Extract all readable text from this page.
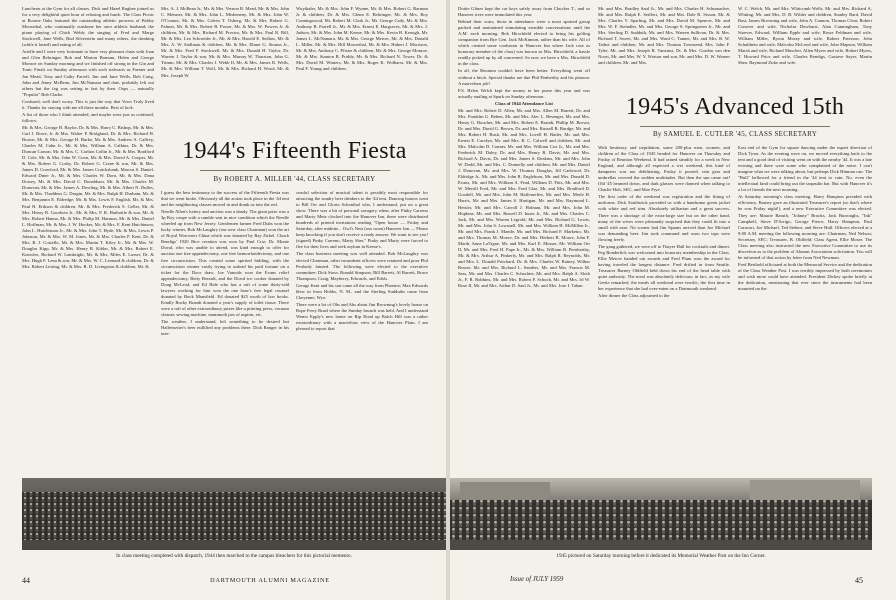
Luncheon at the Gym for all classes. Dick and Hazel Rugbee joined us for a very delightful quiet hour of relaxing and lunch. The Class Picnic at Boonie Oaks featured the outstanding athletic prowess of Bobby Moosethal, who continually outshone her once athletic husband; the piano playing of Chick Webb; the singing of Fred and Marge Stockwell, Jane Wells, Bud Silverstein and many others, the drinking (while it lasted) and eating of all.

Arielle and I were very fortunate to have very pleasant chats with Joan and Glen Behringer, Bob and Marion Barnum, Helen and George Monroe on Sunday morning and we finished off strong in the Gin and Tonic Finals on Sunday afternoon with such stalwarts as Farmer and Jan Mead, Tony and Cathy Farrell, Jim and June Wells, Bob Craig, John and Jenny McBean, Jim McNamara and date, probably left out others but the fog was setting in fast by then. Oops — naturally "Popular" Bob Clarke.

Confused, well don't worry. This is just the way that Vows Truly lived it. Thanks for staying with me all these months. Best of luck.

A list of those who I think attended, and maybe were just as confused, follows:

Mr. & Mrs. George H. Baylor, Dr. & Mrs. Harry C. Bishop, Mr. & Mrs. Carl J. Borre, Jr. & Mrs. Walter P. Bridgland, Dr. & Mrs. Richard H. Brown, Mr. & Mrs. George H. Burke, Mr. & Mrs. Andrew A. Caffrey, Charles M. Cahn Jr., Mr. & Mrs. William A. Calkins, Dr. & Mrs. Duncan Carson, Mr. & Mrs. C. Carlton Collin Jr., Mr. & Mrs. Bradford D. Cole, Mr. & Mrs. John W. Coon, Mr. & Mrs. David A. Cooper, Mr. & Mrs. Robert G. Cosby, Dr. Robert G. Crane & son, Mr. & Mrs. James D. Crawford, Mr. & Mrs. James Cruickshank, Marcus S. Daniel, Edward Diner Jr., Mr. & Mrs. Charles W. Dorn, Mr. & Mrs. Dana Dorsey, Mr. & Mrs. David C. Donaldson, Mr. & Mrs. Charles M. Donovan, Mr. & Mrs. James A. Dowling, Mr. & Mrs. Albert N. Dulles, Mr. & Mrs. Thaddeus G. Durgin, Mr. & Mrs. Ralph H. Durham, Mr. & Mrs. Benjamin E. Eldredge, Mr. & Mrs. Lewis F. English, Mr. & Mrs. Paul H. Erikson & children, Mr. & Mrs. Frederick S. Geller, Mr. & Mrs. Henry R. Goodwin Jr., Mr. & Mrs. P. R. Harbottle & son, Mr. & Mrs. Robert Hanna, Mr. & Mrs. Philip M. Harmon, Mr. & Mrs. Daniel L. Hoffman, Mr. & Mrs. J. W. Hooker, Mr. & Mrs. F. Kent Hutchinson, John L. Hutchinson Jr., Mr. & Mrs. John T. Hyde, Mr. & Mrs. Lewis P. Johnson, Mr. & Mrs. W. M. Jones, Mr. & Mrs. Charles P. Kent, Dr. & Mrs. R. J. Costello, Mr. & Mrs. Martin T. Kiley Jr., Mr. & Mrs. W. Douglas Kipp, Mr. & Mrs. Henry R. Kibler, Mr. & Mrs. Robert E. Knowles, Richard W. Lambright, Mr. & Mrs. Miles E. Lasser, Dr. & Mrs. Hugh F. Lena & son, Mr. & Mrs. W. C. Leonard & children, Dr. & Mrs. Robert Lesting, Mr. & Mrs. R. D. Livingston & children, Mr. &

Mrs. A. J. McBean Jr., Mr. & Mrs. Vernon R. Mead, Mr. & Mrs. John C. Meisner, Mr. & Mrs. John L. Misbeneny, Mr. & Mrs. John W. O'Connor, Mr. & Mrs. Calvin T. Osberg, Mr. & Mrs. Robert G. Palmer, Mr. & Mrs. Robert B. Power, Mr. & Mrs. W. Powers Jr. & children, Mr. & Mrs. Richard M. Proctor, Mr. & Mrs. Paul R. Rill, Mr. & Mrs. Leo Schroeder Jr., Mr. & Mrs. Harold E. Sedlaw, Mr. & Mrs. A. W. Stallman & children, Mr. & Mrs. Elmer G. Strauss Jr., Mr. & Mrs. Fred F. Stockwell, Mr. & Mrs. Donald H. Taylor, Dr. Warren J. Taylor & son, Mr. & Mrs. Murray W. Thurston, John G. Trimm, Mr. & Mrs. Charles J. Webb II, Mr. & Mrs. James R. Wells, Mr. & Mrs. William T. Wolf, Mr. & Mrs. Richard H. Wood, Mr. & Mrs. Joseph W.

Wuythaler, Mr. & Mrs. John F. Wynne, Mr. & Mrs. Robert G. Barnum Jr. & children, Dr. & Mrs. Glenn E. Behringer, Mr. & Mrs. Roy Conningwood, Mr. Robert M. Clark Jr., Mr. George Cady, Mr. & Mrs. Anthony B. Farrell Jr., Mr. & Mrs. Ernest E. Hargraves, Mr. & Mrs. J. Judson, Mr. & Mrs. John M. Keene, Mr. & Mrs. Kevin B. Keough, Mr. James L. McNamara, Mr. & Mrs. George Mercer, Mr. & Mrs. Donald L. Miller, Mr. & Mrs. Hill Moosethal, Mr. & Mrs. Hubert J. Morrison, Mr. & Mrs. Anthony C. Pfister & children, Mr. & Mrs. George Monroe, Mr. & Mrs. Stanton B. Priddy, Mr. & Mrs. Richard N. Tower, Dr. & Mrs. David M. Winters, Mr. & Mrs. Roger K. Wolbarst, Mr. & Mrs. Paul F. Young and children.

1944's Fifteenth Fiesta
By ROBERT A. MILLER '44, CLASS SECRETARY

I guess the best testimony to the success of the Fifteenth Fiesta was that we went broke. Obviously all the action took place in the '44 tent and the neighboring classes moved in and drank us into the red.

Needle Allen's lottery and auction was a dandy. The giant prize was a 3p Roy coupe with a rumble seat in nice condition which the Needle wheeled up from New Jersey. Gentlemen farmer Fred Dubs won the lucky winner, Bob McLaughry (our new class Chairman) won the art of Royal Worcester China which was donated by Ray Zirkel. Chuck Rendigs' 1920 Bice creation was won by Paul Criz; Dr. Monte Duval, who was unable to attend, was kind enough to offer for auction one free appendectomy, one free hemorrhoidectomy, and one free circumcision. This created some spirited bidding, with the circumcision winner vastly trying to unload his paid fortune on a ticket for the Door draw. Joe Vanoids won the Evans relief appendectomy, Betty Berardi, and the Dowd ice cooker donated by Doug McLeod, and Ed Hale who has a raft of some thirty-odd lawyers working for him won the one hour's free legal counsel donated by Buck Mansfield. Ed donated $25 worth of law books. Kindly Bucky Brandt donated a year's supply of toilet tissue. There were a raft of other extraordinary prizes like a printing press, vacuum cleaner, sewing machine, mammoth jars of aspirin, etc.

The weather, I understand, left something to be desired but Halfensetter's beer nullified any problems there. Dick Ranger in his ines-

ceaslul selection of musical talent is possibly most responsible for attracting the sundry beer drinkers to the '44 tent. Dancing honors went to Bill Orr and Gloria Schonthal who, I understand, put on a great show. There was a bit of personal savagery when, after Pinky Carreno and Marty Metz clocked into the Hanover Inn, there were distributed hundreds of printed invitations reading "Open house — Friday and Saturday, after midnite... Owl's Nest (our room) Hanover Inn — Please keep knocking if you don't receive a ready answer. We want to see you! (signed) Pinky Carreno, Marty Sher." Pinky and Marty were forced to flee for their lives and seek asylum in Keene's.

The class business meeting was well attended. Bob McLaughry was elected Chairman, other incumbent officers were retained and poor Phil Peabody fainted. The following were elected to the executive committee: Dick Stoss, Ronald Simpson, Bill Barrett, Al Barrett, Bruce Thompson, Craig, Mayberry, Edwards, and Edols.

George Kent and his son came all the way from Phoenix; Max Edwards blew in from Hobbs, N. M., and the Sterling Sudduths came from Cheyenne, Wyo.

There were a lot of Ohs and Ahs about Jim Browning's lovely house on Rope Ferry Road where the Sunday brunch was held. And I understand Wemo Epply's new home on Rip Road up Balch Hill was a rather extraordinary with a marvelous view of the Hanover Plain. I am pleased to report that

In class meeting completed with dispatch, 1944 then marched to the campus bleachers for this pictorial memento.
44	DARTMOUTH ALUMNI MAGAZINE

Dottie Glines kept the car keys safely away from Chucker T., and so Hanover trees were immolated this year.

Behind their scars, those in attendance were a most spirited group packed and maintained stimulating sensible conversations until the A.M. each morning. Bob Hirschfeld elected to bring his golfing companion from Rye Gen. Jack McKinnon, rather than his wife. All of which created some confusion in Hanover Inn where Jack rose as honorary member of the class) was known as Mrs. Hirschfeld, a hassle readily picked up by all concerned. So now we have a Mrs. Hirschfeld in the class.

In all, the Reunion couldn't have been better. Everything went off without a hitch. Special thanks are due Phil Penberthy and his platoon. A marvelous job!

P.S. Helen Welch kept the money in her purse this year and was actually smiling at Spurk on Sunday afternoon.

Class of 1944 Attendance List

Mr. and Mrs. Robert D. Allen, Mr. and Mrs. Allen M. Barrett, Dr. and Mrs. Franklin G. Beben, Mr. and Mrs. Alec L. Besenger, Mr. and Mrs. Henry G. Boucher, Mr. and Mrs. Robert E. Brandt, Phillip M. Brown, Dr. and Mrs. David G. Brown, Dr. and Mrs. Russell B. Burdge, Mr. and Mrs. Robert H. Bush, Mr. and Mrs. Lovell H. Butler, Mr. and Mrs. Ernest E. Carolyn, Mr. and Mrs. R. C. Calwell and children, Mr. and Mrs. Malcolm D. Conner, Mr. and Mrs. William Cox Jr., Mr. and Mrs. Frederick M. Daley, Dr. and Mrs. Henry R. Davis, Mr. and Mrs. Richard A. Davis, Dr. and Mrs. James S. Deakins, Mr. and Mrs. John W. Dodd, Mr. and Mrs. C. Donnelly and children, Mr. and Mrs. Daniel J. Donovan, Mr. and Mrs. W. Thomas Douglas, Jill Cadwood, Dr. Eldridge Jr., Mr. and Mrs. John R. Englehorn, Mr. and Mrs. Donald D. Evans, Mr. and Mrs. William A. Fead, William D. Fitts, Mr. and Mrs. W. Merrill Ford, Mr. and Mrs. Fred Glaz, Mr. and Mrs. Bradford D. Goodell, Mr. and Mrs. John M. Haffenreffer, Mr. and Mrs. Merle H. Harris, Mr. and Mrs. James S. Hartigan, Mr. and Mrs. Raymond L. Heisler, Mr. and Mrs. Carroll J. Holman, Mr. and Mrs. John M. Hopkins, Mr. and Mrs. Russell D. Innes Jr., Mr. and Mrs. Charles C. Jack, Mr. and Mrs. Warren Legrold, Mr. and Mrs. Richard G. Lewis, Mr. and Mrs. John S. Lowsnell, Mr. and Mrs. William H. McMillen Jr., Mr. and Mrs. Frank J. Mantle, Mr. and Mrs. Richard F. Marketto, Mr. and Mrs. Thomas M. Moore, Dr. and Mrs. Herbert R. Moore, John F. Marth, Anne LaVigne, Mr. and Mrs. Karl E. Musser, Mr. William Orr II, Mr. and Mrs. Fred H. Pape Jr., Mr. & Mrs. William B. Pensberthy, Mr. & Mrs. Arthur A. Pinkerly, Mr. and Mrs. Ralph R. Reynolds, Mr. and Mrs. L. Donald Pritchard, Dr. & Mrs. Charles W. Rainey, Wilbur Rosser, Mr. and Mrs. Richard L. Sanders, Mr. and Mrs. Francis M. Sass, Mr. and Mrs. Charles C. Schachter, Mr. and Mrs. Ralph A. Sloth Jr., F. R. Robbins, Mr. and Mrs. Robert F. Schuch, Mr. and Mrs. Irl W. Rose II, Mr. and Mrs. Arthur D. Saul Jr., Mr. and Mrs. Jose I. Tahan

Mr. and Mrs. Bradley Saul Jr., Mr. and Mrs. Charles H. Schumacher, Mr. and Mrs. Ralph E. Seiffert, Mr. and Mrs. Dale R. Sisson, Mr. & Mrs. Charles V. Sparling, Mr. and Mrs. David M. Spencer, Mr. and Mrs. W. F. Steindler, Mr. and Mrs. George S. Springsteen Jr., Mr. and Mrs. Sterling D. Sudduth, Mr. and Mrs. Warren Sullivan, Dr. & Mrs. Richard T. Sweet, Mr. and Mrs. Ward C. Tanner, Mr. and Mrs. R. W. Taibot and children, Mr. and Mrs. Thomas Townsend, Mrs. John F. Tyler, Mr. and Mrs. Joseph B. Vanzinsi, Dr. & Mrs. Gordon van den Noort, Mr. and Mrs. W. Y. Watson and son, Mr. and Mrs. D. W. Warner and children, Mr. and Mrs.

W. C. Welch, Mr. and Mrs. Whitcomb Wells, Mr. and Mrs. Richard A. Whiting, Mr. and Mrs. D. B. Wilder and children, Stanley Bard, David Bast, James Browning and wife, John A. Cannon, Thomas Clear, Robert Conover and wife, Nicholas Dewhurst, Alan Cunningham, Tony Stoever, Edward, William Epple and wife, Rowe Feldman and wife, William Miller, Byron Mosey and wife, Robert Paterson, John Schulthein and wife, Malcolm McLeod and wife, John Mapson, William Marsh and wife, Richard Muscher, Allen Myers and wife, Robert Myers, T. Howard Price and wife, Charles Rendigs, Gustave Sayer, Martin Shea, Raymond Zirke and wife.

1945's Advanced 15th
By SAMUEL E. CUTLER '45, CLASS SECRETARY

With hesitancy and trepidation, some 200-plus men, women, and children of the Class of 1945 headed for Hanover on Thursday and Friday of Reunion Weekend. It had rained steadily for a week in New England, and although all expected a wet weekend, this kind of dampness was not debilitating. Friday it poured; rain gear and umbrellas covered the sodden multitudes. But then the sun came out! Old '45 beamed down, and dark glasses were donned when talking to Charlie Holt, SEC, and Moe Frye.

The first order of the weekend was registration and the fitting of uniforms. Dick Southwick provided us with a handsome green jacket with white and red trim. Absolutely utilitarian and a great success. There was a shortage of the extra-large size but on the other hand, many of the wives were pleasantly surprised that they could fit into a small with ease. No sooner had Jim Spaans arrived than Joe Michael was demanding beer. Jim took command and soon two taps were flowing freely.

The gang gathered, we were off to Thayer Hall for cocktails and dinner. Peg Bonderlick was welcomed into honorary membership in the Class. Ellie Mercer handed out awards and Fred Plum won the award for having traveled the longest distance. Fred drifted in from Seattle. Treasurer Barney Oldfield held down his end of the head table with quiet authority. The meal was absolutely delicious; in fact, as my wife Gertie remarked, the meals all weekend were terrific; the first time in her experience that she had over-eaten on a Dartmouth weekend.

After dinner the Class adjourned to the

East end of the Gym for square dancing under the expert direction of Dick Tyser. As the evening wore on, we moved everything back to the tent and a good deal of visiting went on with the nearby '44. It was a late evening and there were some who complained of the noise. I can't imagine what we were talking about, but perhaps Dick Hinman can. The "Bull" bellowed for a friend in the '44 tent to vain. No, even the intellectual kind could bring out the tarpaulin bar. But with Hanover it's a lot of friends the next morning.

At Saturday morning's class meeting, Harry Hampton presided with efficiency. Barney gave an illustrated Treasurer's report (so that's where he was Friday night!), and a new Executive Committee was elected. They are: Maurie Baruth, "Johnny" Brooks, Jack Burroughs, "Ink" Campbell, Steve D'Arrigo, George Pierce, Harry Hampton, Paul Caravari, Joe Michael, Ted Siebert, and Steve Hull. Officers elected at a 9:00 A.M. meeting the following morning are: Chairman, Ned Nelson; Secretary, SEC; Treasurer, B. Oldfield; Class Agent, Ellie Moser. The Class meeting also instructed the new Executive Committee to use its discretion as to the problem of Alumni Association solicitation. You will be informed of that action by letter from Ned Newman.

Fred Berthold officiated at both the Memorial Service and the dedication of the Class Weather Post. I was terribly impressed by both ceremonies and wish more could have attended. President Dickey spoke briefly at the dedication, mentioning that ever since the instruments had been mounted on the

1945 pictured on Saturday morning before it dedicated its Memorial Weather Post on the Inn Corner.
Issue of JULY 1959	45
